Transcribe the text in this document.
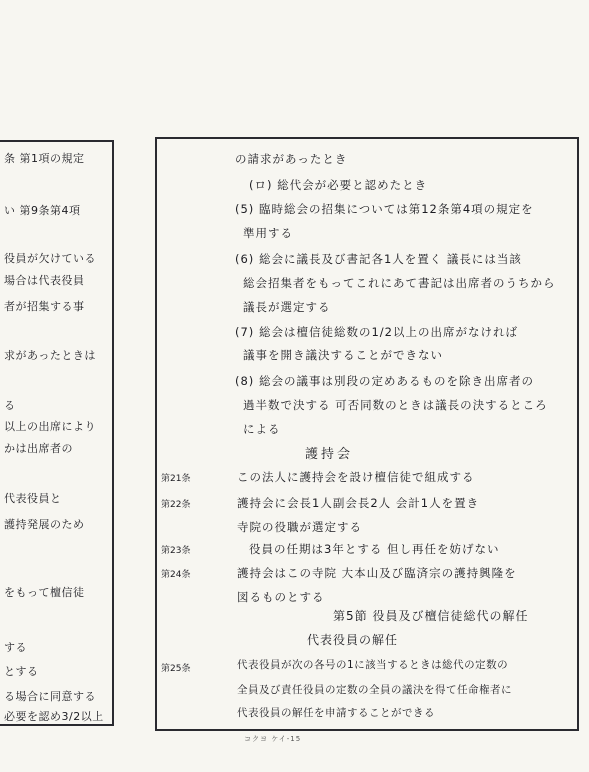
条 第1項の規定
い 第9条第4項
役員が欠けている
場合は代表役員
者が招集する事
求があったときは
る
以上の出席により
かは出席者の
代表役員と
護持発展のため
をもって檀信徒
する
とする
る場合に同意する
必要を認め3/2以上
の請求があったとき
(ロ) 総代会が必要と認めたとき
(5) 臨時総会の招集については第12条第4項の規定を
準用する
(6) 総会に議長及び書記各1人を置く 議長には当該
総会招集者をもってこれにあて書記は出席者のうちから
議長が選定する
(7) 総会は檀信徒総数の1/2以上の出席がなければ
議事を開き議決することができない
(8) 総会の議事は別段の定めあるものを除き出席者の
過半数で決する 可否同数のときは議長の決するところ
による
護持会
第21条	この法人に護持会を設け檀信徒で組成する
第22条	護持会に会長1人副会長2人 会計1人を置き
寺院の役職が選定する
第23条	役員の任期は3年とする 但し再任を妨げない
第24条	護持会はこの寺院 大本山及び臨済宗の護持興隆を
図るものとする
第5節 役員及び檀信徒総代の解任
代表役員の解任
第25条	代表役員が次の各号の1に該当するときは総代の定数の
全員及び責任役員の定数の全員の議決を得て任命権者に
代表役員の解任を申請することができる
コクヨ ケイ-15
